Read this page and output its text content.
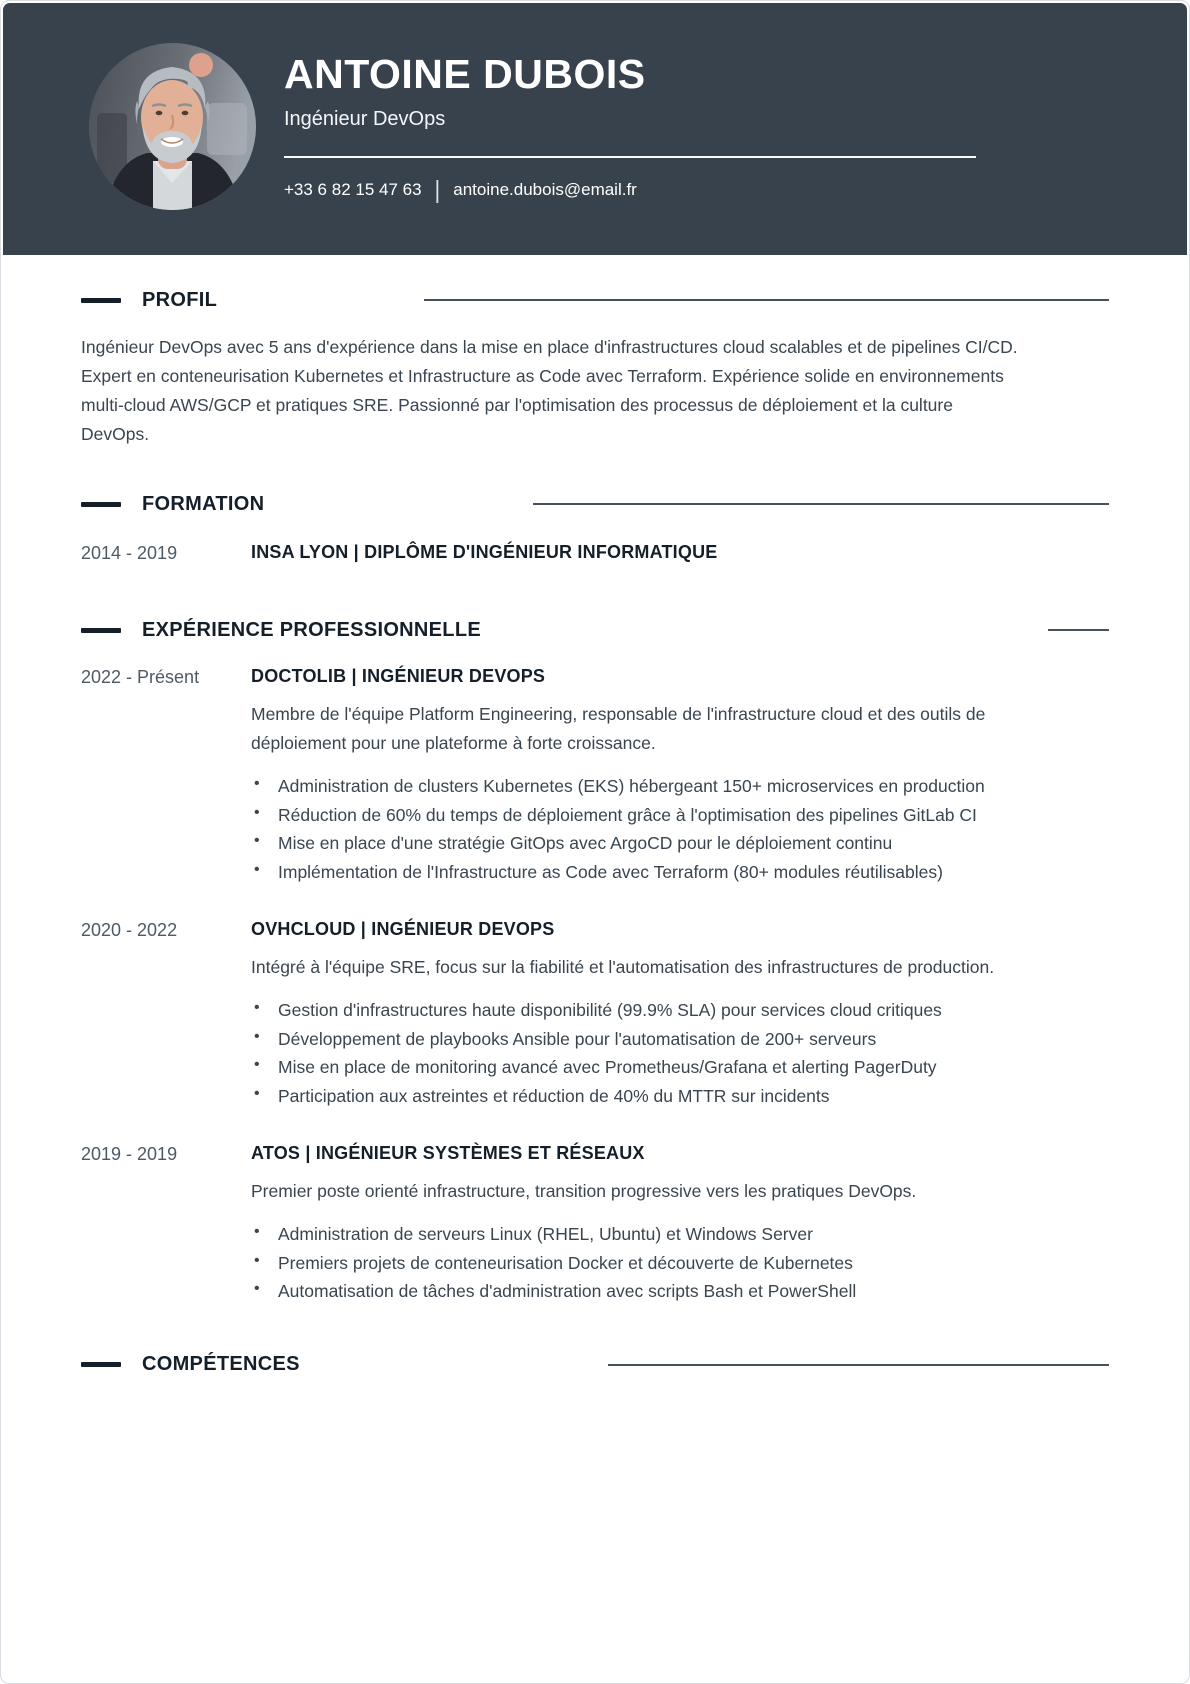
ANTOINE DUBOIS
Ingénieur DevOps
+33 6 82 15 47 63 | antoine.dubois@email.fr
PROFIL

Ingénieur DevOps avec 5 ans d'expérience dans la mise en place d'infrastructures cloud scalables et de pipelines CI/CD. Expert en conteneurisation Kubernetes et Infrastructure as Code avec Terraform. Expérience solide en environnements multi-cloud AWS/GCP et pratiques SRE. Passionné par l'optimisation des processus de déploiement et la culture DevOps.

FORMATION
2014 - 2019	INSA LYON | DIPLÔME D'INGÉNIEUR INFORMATIQUE
EXPÉRIENCE PROFESSIONNELLE
2022 - Présent	DOCTOLIB | INGÉNIEUR DEVOPS

Membre de l'équipe Platform Engineering, responsable de l'infrastructure cloud et des outils de déploiement pour une plateforme à forte croissance.

• Administration de clusters Kubernetes (EKS) hébergeant 150+ microservices en production
• Réduction de 60% du temps de déploiement grâce à l'optimisation des pipelines GitLab CI
• Mise en place d'une stratégie GitOps avec ArgoCD pour le déploiement continu
• Implémentation de l'Infrastructure as Code avec Terraform (80+ modules réutilisables)
2020 - 2022	OVHCLOUD | INGÉNIEUR DEVOPS

Intégré à l'équipe SRE, focus sur la fiabilité et l'automatisation des infrastructures de production.

• Gestion d'infrastructures haute disponibilité (99.9% SLA) pour services cloud critiques
• Développement de playbooks Ansible pour l'automatisation de 200+ serveurs
• Mise en place de monitoring avancé avec Prometheus/Grafana et alerting PagerDuty
• Participation aux astreintes et réduction de 40% du MTTR sur incidents
2019 - 2019	ATOS | INGÉNIEUR SYSTÈMES ET RÉSEAUX

Premier poste orienté infrastructure, transition progressive vers les pratiques DevOps.

• Administration de serveurs Linux (RHEL, Ubuntu) et Windows Server
• Premiers projets de conteneurisation Docker et découverte de Kubernetes
• Automatisation de tâches d'administration avec scripts Bash et PowerShell
COMPÉTENCES
